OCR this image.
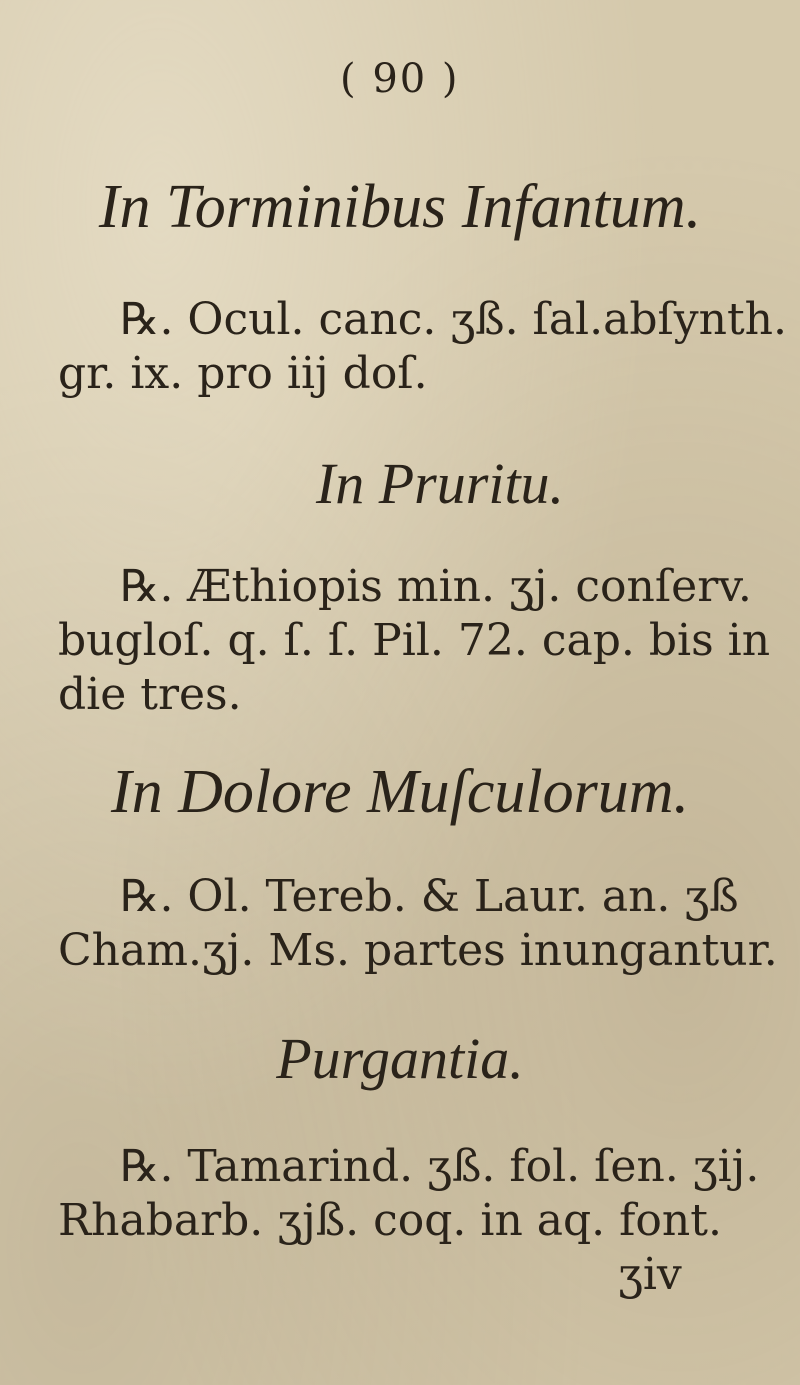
( 90 )
In Torminibus Infantum.
℞. Ocul. canc. ʒß. ſal.abſynth.
gr. ix. pro iij doſ.
In Pruritu.
℞. Æthiopis min. ʒj. conſerv.
bugloſ. q. ſ. ſ. Pil. 72. cap. bis in
die tres.
In Dolore Muſculorum.
℞. Ol. Tereb. & Laur. an. ʒß
Cham.ʒj. Ms. partes inungantur.
Purgantia.
℞. Tamarind. ʒß. fol. ſen. ʒij.
Rhabarb. ʒjß. coq. in aq. font.
ʒiv
